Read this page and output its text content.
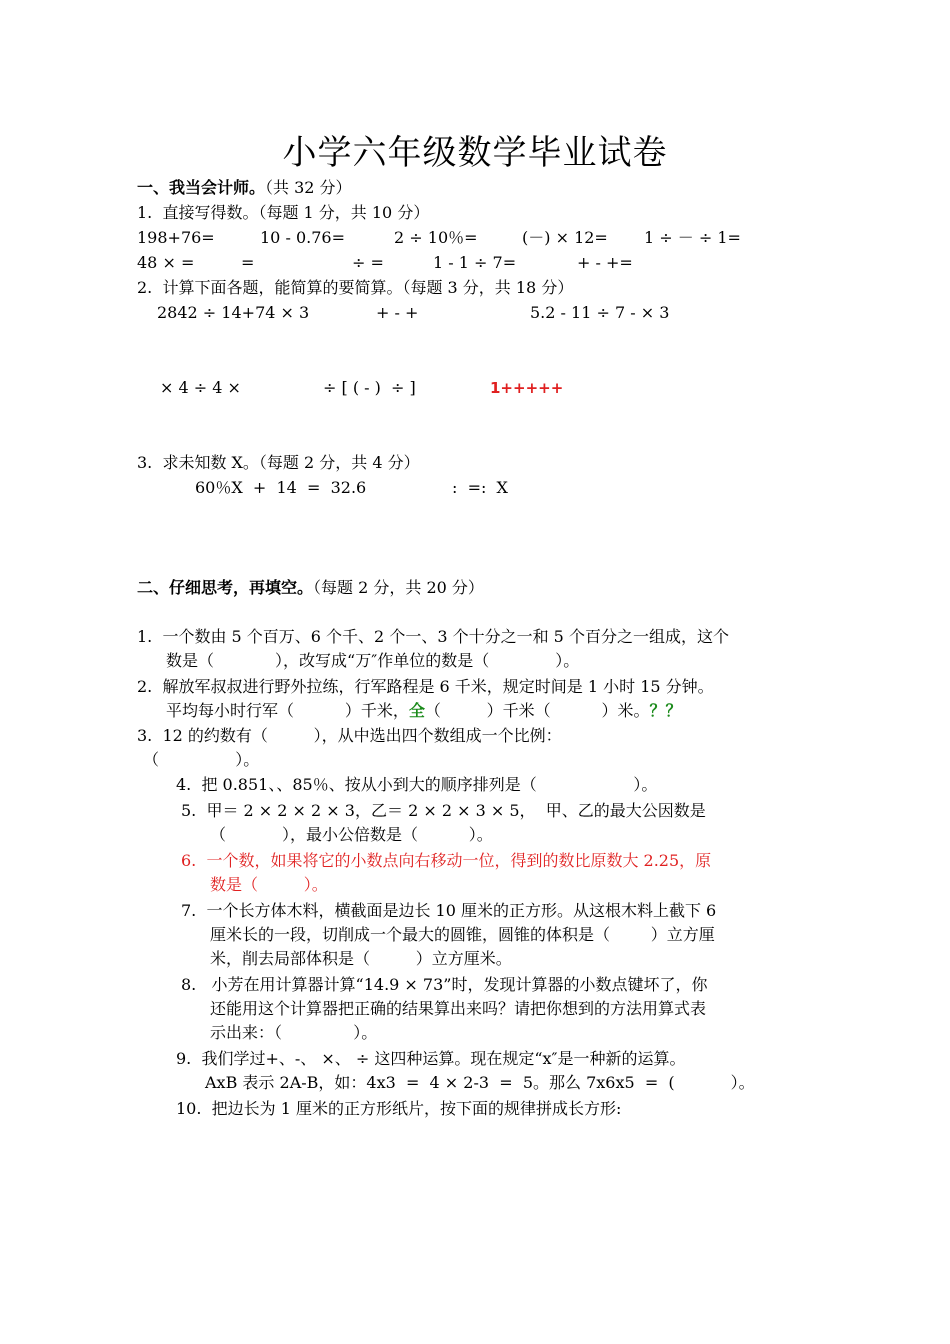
小学六年级数学毕业试卷
一、我当会计师。（共 32 分）
1.  直接写得数。（每题 1 分，共 10 分）
198+76=	10 - 0.76=	2 ÷ 10％=	(－) × 12= 1 ÷ － ÷ 1=
48 × =	=	÷ =	1 - 1 ÷ 7=	+ - +=
2.  计算下面各题，能简算的要简算。（每题 3 分，共 18 分）
2842 ÷ 14+74 × 3	+ - +	5.2 - 11 ÷ 7 - × 3
× 4 ÷ 4 ×	÷ [ ( - )  ÷ ]	1+++++
3.  求未知数 X。（每题 2 分，共 4 分）
60％X  +  14  =  32.6	:  =:  X
二、仔细思考，再填空。（每题 2 分，共 20 分）
1.  一个数由 5 个百万、6 个千、2 个一、3 个十分之一和 5 个百分之一组成，这个
数是（            ），改写成“万″作单位的数是（             ）。
2.  解放军叔叔进行野外拉练，行军路程是 6 千米，规定时间是 1 小时 15 分钟。
平均每小时行军（          ）千米，全（         ）千米（          ）米。？？
3.  12 的约数有（         ），从中选出四个数组成一个比例：
（               ）。
4.  把 0.851、、85％、按从小到大的顺序排列是（                   ）。
5.  甲＝ 2 × 2 × 2 × 3，乙＝ 2 × 2 × 3 × 5，  甲、乙的最大公因数是
（           ），最小公倍数是（          ）。
6.  一个数，如果将它的小数点向右移动一位，得到的数比原数大 2.25，原
数是（         ）。
7.  一个长方体木料，横截面是边长 10 厘米的正方形。从这根木料上截下 6
厘米长的一段，切削成一个最大的圆锥，圆锥的体积是（        ）立方厘
米，削去局部体积是（         ）立方厘米。
8.   小芳在用计算器计算“14.9 × 73”时，发现计算器的小数点键坏了，你
还能用这个计算器把正确的结果算出来吗？请把你想到的方法用算式表
示出来：（              ）。
9.  我们学过+、-、 ×、 ÷ 这四种运算。现在规定“x″是一种新的运算。
AxB 表示 2A-B，如：4x3  =  4 × 2-3  =  5。那么 7x6x5  =  (           ）。
10.  把边长为 1 厘米的正方形纸片，按下面的规律拼成长方形:
